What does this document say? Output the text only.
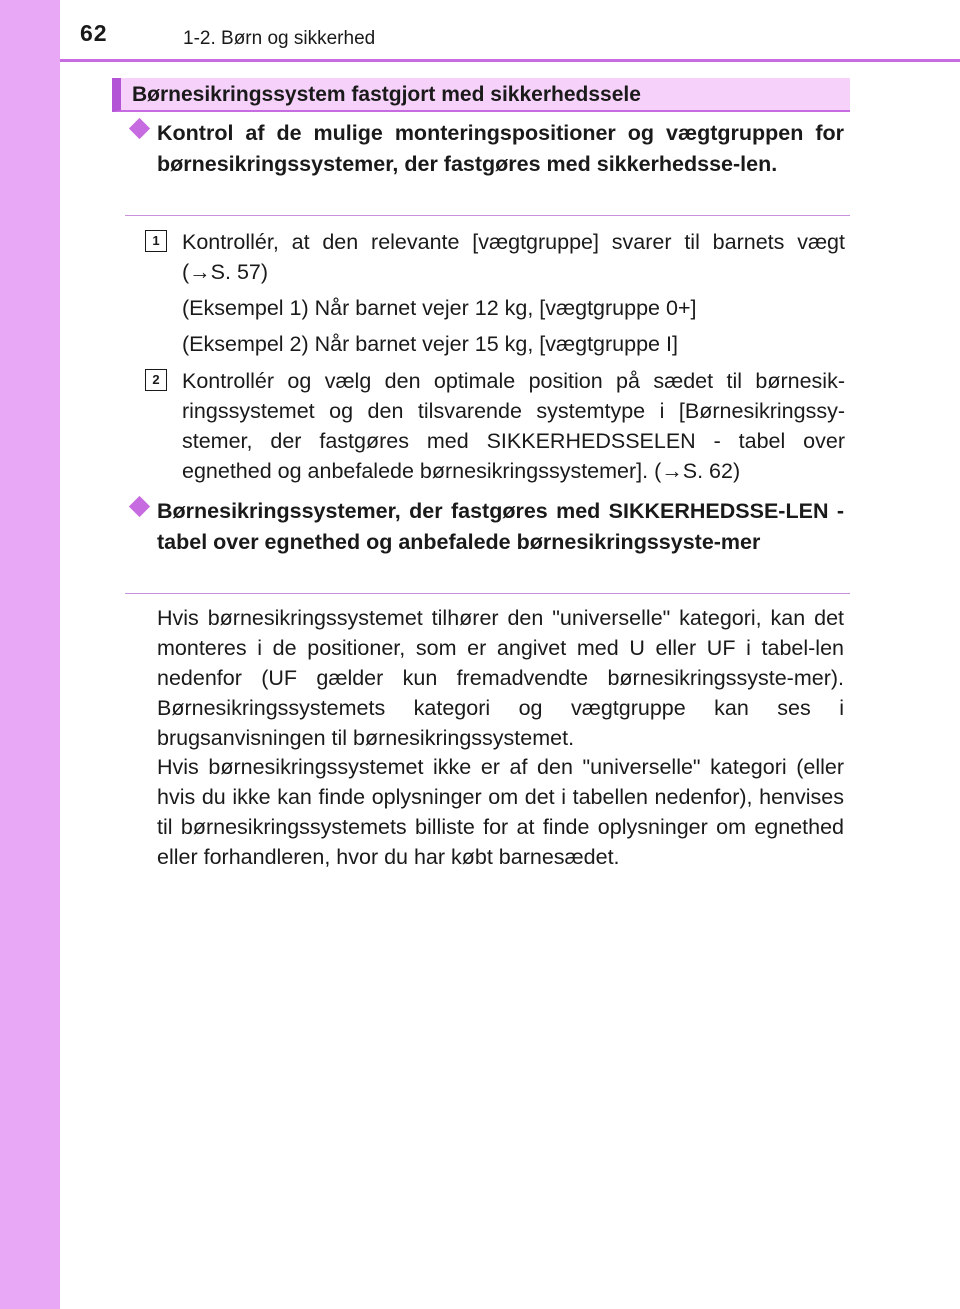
62	1-2. Børn og sikkerhed
Børnesikringssystem fastgjort med sikkerhedssele
Kontrol af de mulige monteringspositioner og vægtgruppen for børnesikringssystemer, der fastgøres med sikkerhedsse-len.
1	Kontrollér, at den relevante [vægtgruppe] svarer til barnets vægt (→S. 57)

(Eksempel 1) Når barnet vejer 12 kg, [vægtgruppe 0+]
(Eksempel 2) Når barnet vejer 15 kg, [vægtgruppe I]
2	Kontrollér og vælg den optimale position på sædet til børnesik-ringssystemet og den tilsvarende systemtype i [Børnesikringssy-stemer, der fastgøres med SIKKERHEDSSELEN - tabel over egnethed og anbefalede børnesikringssystemer]. (→S. 62)

Børnesikringssystemer, der fastgøres med SIKKERHEDSSE-LEN - tabel over egnethed og anbefalede børnesikringssyste-mer

Hvis børnesikringssystemet tilhører den "universelle" kategori, kan det monteres i de positioner, som er angivet med U eller UF i tabel-len nedenfor (UF gælder kun fremadvendte børnesikringssyste-mer). Børnesikringssystemets kategori og vægtgruppe kan ses i brugsanvisningen til børnesikringssystemet.

Hvis børnesikringssystemet ikke er af den "universelle" kategori (eller hvis du ikke kan finde oplysninger om det i tabellen nedenfor), henvises til børnesikringssystemets billiste for at finde oplysninger om egnethed eller forhandleren, hvor du har købt barnesædet.
